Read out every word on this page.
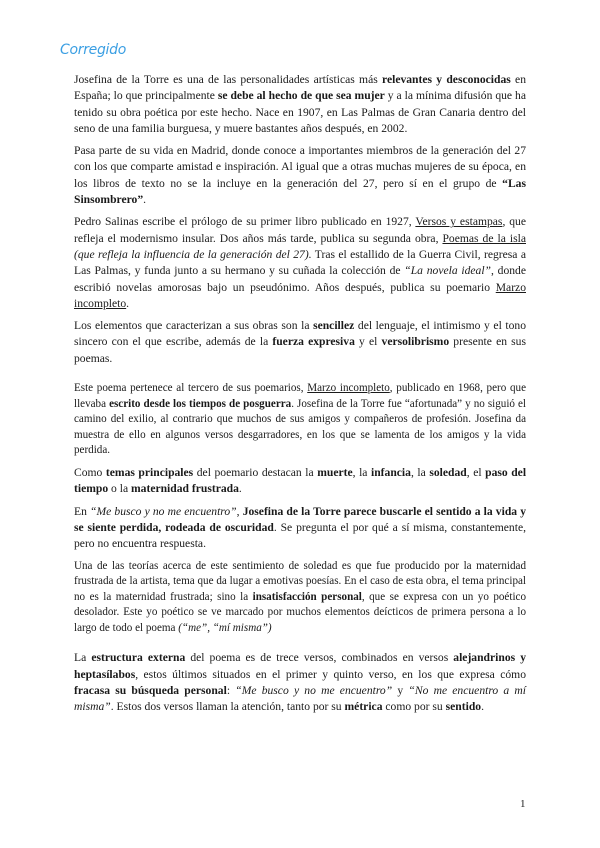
Corregido

Josefina de la Torre es una de las personalidades artísticas más relevantes y desconocidas en España; lo que principalmente se debe al hecho de que sea mujer y a la mínima difusión que ha tenido su obra poética por este hecho. Nace en 1907, en Las Palmas de Gran Canaria dentro del seno de una familia burguesa, y muere bastantes años después, en 2002.

Pasa parte de su vida en Madrid, donde conoce a importantes miembros de la generación del 27 con los que comparte amistad e inspiración. Al igual que a otras muchas mujeres de su época, en los libros de texto no se la incluye en la generación del 27, pero sí en el grupo de “Las Sinsombrero”.

Pedro Salinas escribe el prólogo de su primer libro publicado en 1927, Versos y estampas, que refleja el modernismo insular. Dos años más tarde, publica su segunda obra, Poemas de la isla (que refleja la influencia de la generación del 27). Tras el estallido de la Guerra Civil, regresa a Las Palmas, y funda junto a su hermano y su cuñada la colección de “La novela ideal”, donde escribió novelas amorosas bajo un pseudónimo. Años después, publica su poemario Marzo incompleto.

Los elementos que caracterizan a sus obras son la sencillez del lenguaje, el intimismo y el tono sincero con el que escribe, además de la fuerza expresiva y el versolibrismo presente en sus poemas.

Este poema pertenece al tercero de sus poemarios, Marzo incompleto, publicado en 1968, pero que llevaba escrito desde los tiempos de posguerra. Josefina de la Torre fue “afortunada” y no siguió el camino del exilio, al contrario que muchos de sus amigos y compañeros de profesión. Josefina da muestra de ello en algunos versos desgarradores, en los que se lamenta de los amigos y la vida perdida.

Como temas principales del poemario destacan la muerte, la infancia, la soledad, el paso del tiempo o la maternidad frustrada.

En “Me busco y no me encuentro”, Josefina de la Torre parece buscarle el sentido a la vida y se siente perdida, rodeada de oscuridad. Se pregunta el por qué a sí misma, constantemente, pero no encuentra respuesta.

Una de las teorías acerca de este sentimiento de soledad es que fue producido por la maternidad frustrada de la artista, tema que da lugar a emotivas poesías. En el caso de esta obra, el tema principal no es la maternidad frustrada; sino la insatisfacción personal, que se expresa con un yo poético desolador. Este yo poético se ve marcado por muchos elementos deícticos de primera persona a lo largo de todo el poema (“me”, “mí misma”)

La estructura externa del poema es de trece versos, combinados en versos alejandrinos y heptasílabos, estos últimos situados en el primer y quinto verso, en los que expresa cómo fracasa su búsqueda personal: “Me busco y no me encuentro” y “No me encuentro a mí misma”. Estos dos versos llaman la atención, tanto por su métrica como por su sentido.

1
